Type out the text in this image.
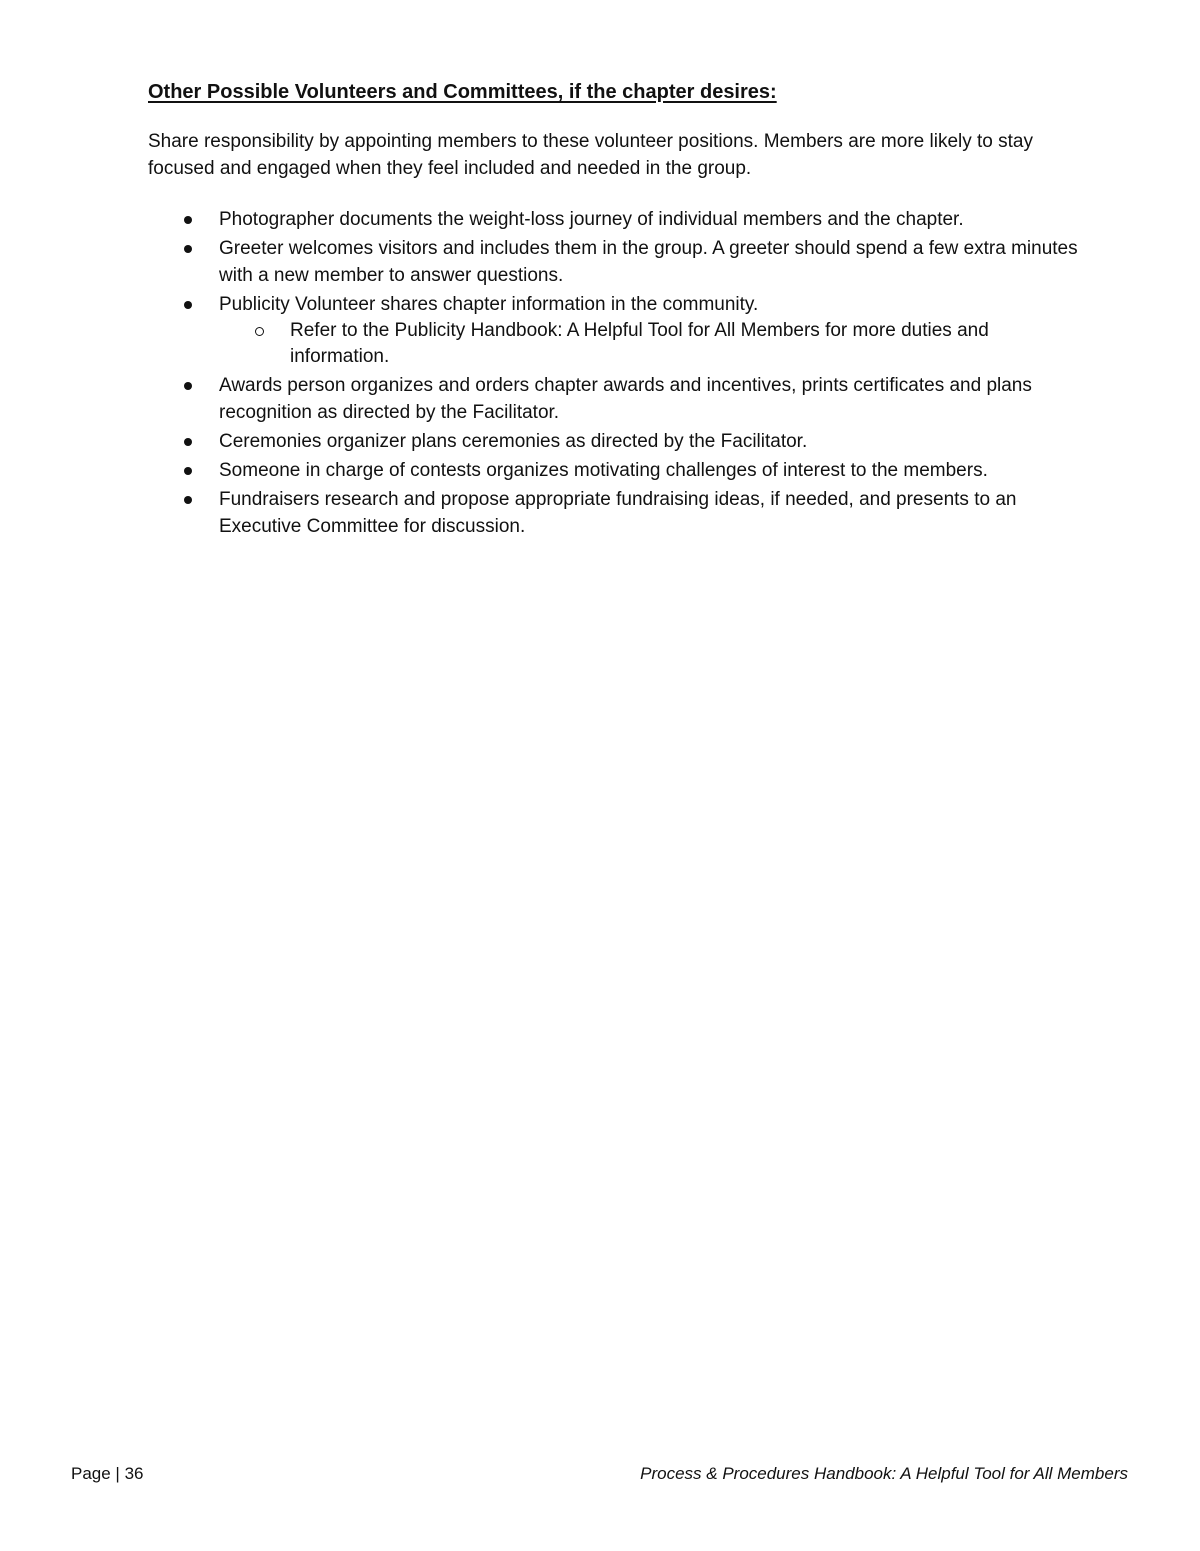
Other Possible Volunteers and Committees, if the chapter desires:

Share responsibility by appointing members to these volunteer positions. Members are more likely to stay focused and engaged when they feel included and needed in the group.

Photographer documents the weight-loss journey of individual members and the chapter.
Greeter welcomes visitors and includes them in the group. A greeter should spend a few extra minutes with a new member to answer questions.
Publicity Volunteer shares chapter information in the community.
Refer to the Publicity Handbook: A Helpful Tool for All Members for more duties and information.
Awards person organizes and orders chapter awards and incentives, prints certificates and plans recognition as directed by the Facilitator.
Ceremonies organizer plans ceremonies as directed by the Facilitator.
Someone in charge of contests organizes motivating challenges of interest to the members.
Fundraisers research and propose appropriate fundraising ideas, if needed, and presents to an Executive Committee for discussion.
Page | 36	Process & Procedures Handbook: A Helpful Tool for All Members
